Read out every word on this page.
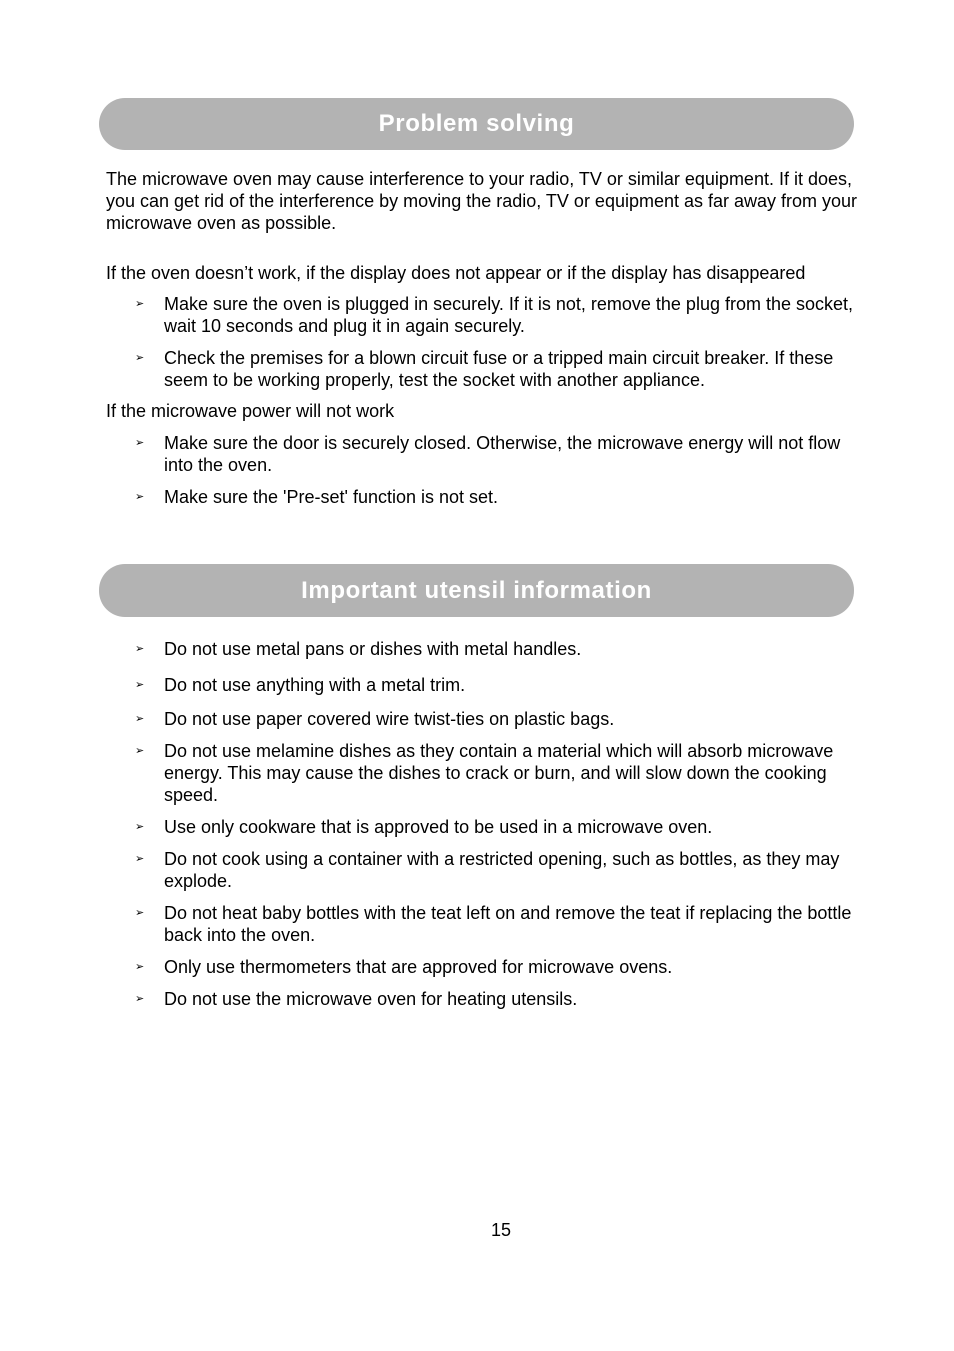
Problem solving

The microwave oven may cause interference to your radio, TV or similar equipment. If it does, you can get rid of the interference by moving the radio, TV or equipment as far away from your microwave oven as possible.

If the oven doesn’t work, if the display does not appear or if the display has disappeared

➢ Make sure the oven is plugged in securely. If it is not, remove the plug from the socket, wait 10 seconds and plug it in again securely.
➢ Check the premises for a blown circuit fuse or a tripped main circuit breaker. If these seem to be working properly, test the socket with another appliance.

If the microwave power will not work

➢ Make sure the door is securely closed. Otherwise, the microwave energy will not flow into the oven.
➢ Make sure the 'Pre-set' function is not set.
Important utensil information
➢ Do not use metal pans or dishes with metal handles.
➢ Do not use anything with a metal trim.
➢ Do not use paper covered wire twist-ties on plastic bags.
➢ Do not use melamine dishes as they contain a material which will absorb microwave energy. This may cause the dishes to crack or burn, and will slow down the cooking speed.
➢ Use only cookware that is approved to be used in a microwave oven.
➢ Do not cook using a container with a restricted opening, such as bottles, as they may explode.
➢ Do not heat baby bottles with the teat left on and remove the teat if replacing the bottle back into the oven.
➢ Only use thermometers that are approved for microwave ovens.
➢ Do not use the microwave oven for heating utensils.
15
